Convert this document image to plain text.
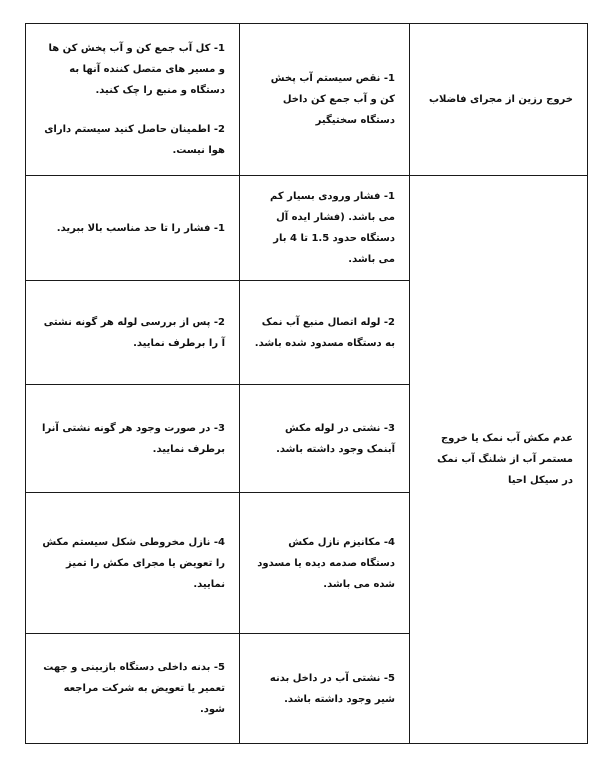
خروج رزین از مجرای فاضلاب	1- نقص سیستم آب پخش کن و آب جمع کن داخل دستگاه سختیگیر	1- کل آب جمع کن و آب پخش کن ها و مسیر های متصل کننده آنها به دستگاه و منبع را چک کنید.
2- اطمینان حاصل کنید سیستم دارای هوا نیست.

عدم مکش آب نمک یا خروج مستمر آب از شلنگ آب نمک در سیکل احیا	1- فشار ورودی بسیار کم می باشد. (فشار ایده آل دستگاه حدود 1.5 تا 4 بار می باشد.	1- فشار را تا حد مناسب بالا ببرید.

	2- لوله اتصال منبع آب نمک به دستگاه مسدود شده باشد.	2- پس از بررسی لوله هر گونه نشتی آ را برطرف نمایید.

	3- نشتی در لوله مکش آبنمک وجود داشته باشد.	3- در صورت وجود هر گونه نشتی آنرا برطرف نمایید.

	4- مکانیزم نازل مکش دستگاه صدمه دیده یا مسدود شده می باشد.	4- نازل مخروطی شکل سیستم مکش را تعویض یا مجرای مکش را تمیز نمایید.

	5- نشتی آب در داخل بدنه شیر وجود داشته باشد.	5- بدنه داخلی دستگاه بازبینی و جهت تعمیر یا تعویض به شرکت مراجعه شود.
